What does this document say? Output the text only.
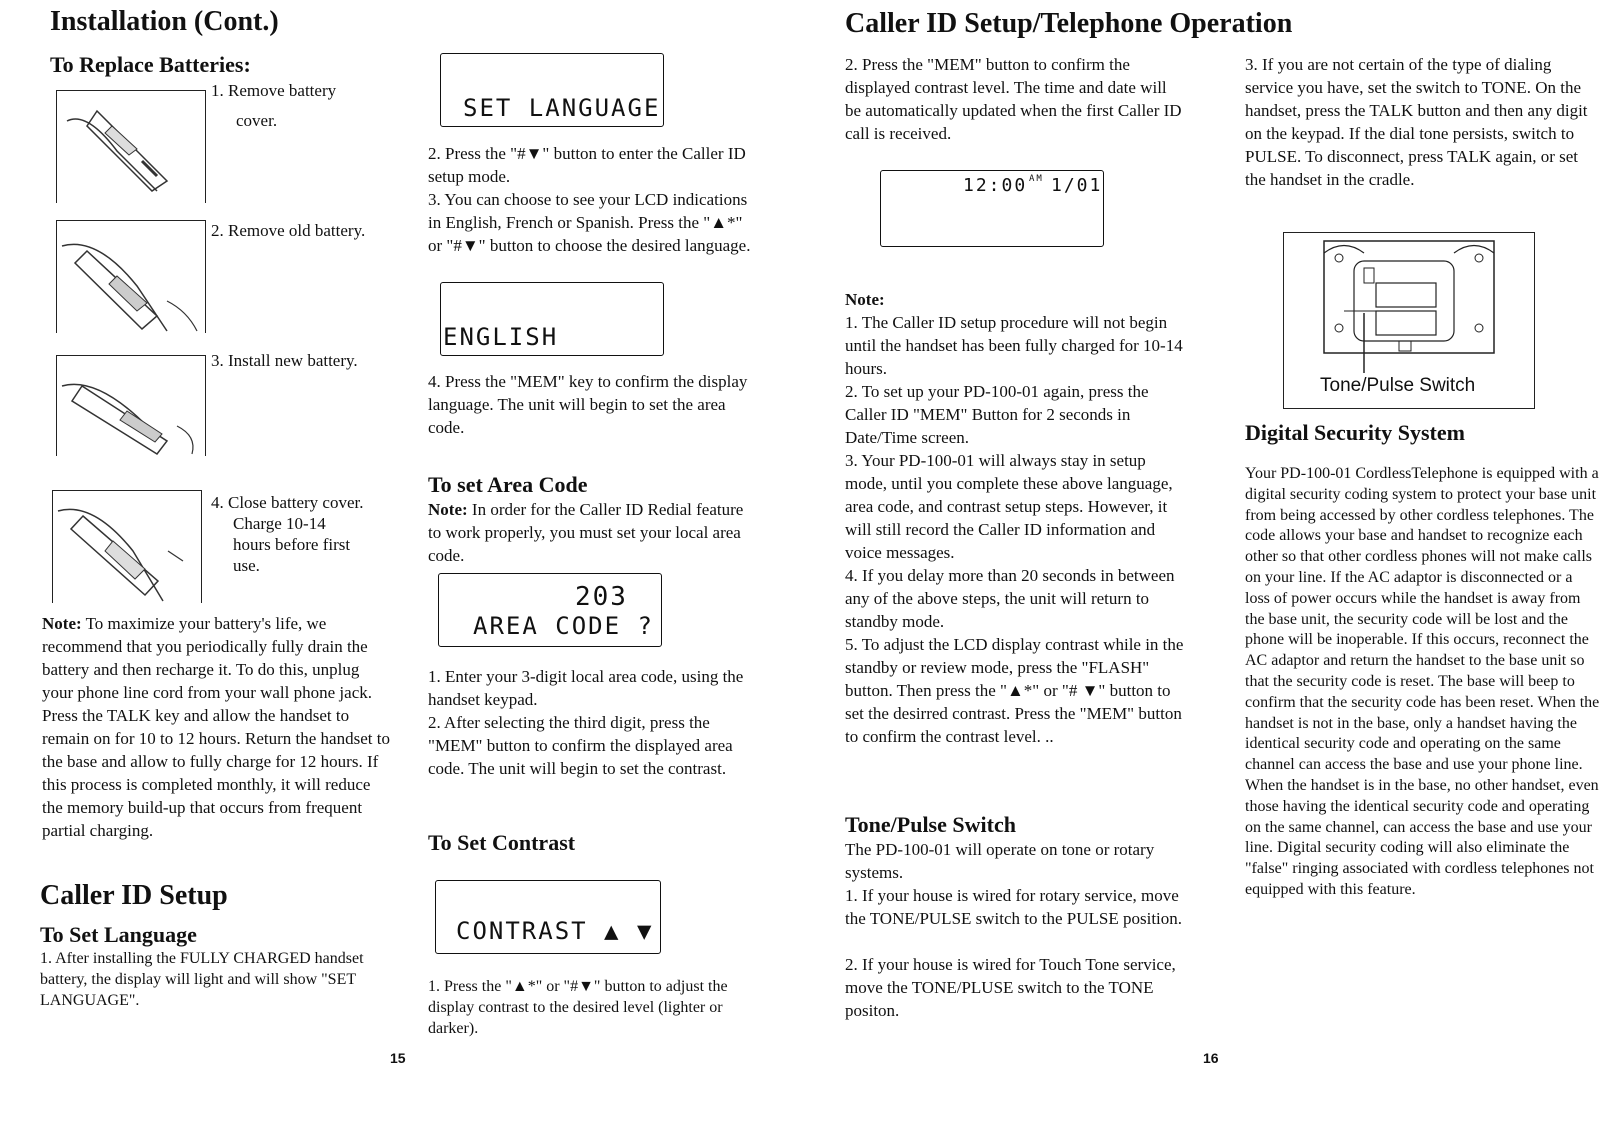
Installation (Cont.)
To Replace Batteries:
1. Remove battery
cover.
2. Remove old battery.
3. Install new battery.
4. Close battery cover.
Charge 10-14
hours before first
use.
Note: To maximize your battery's life, we recommend that you periodically fully drain the battery and then recharge it. To do this, unplug your phone line cord from your wall phone jack. Press the TALK key and allow the handset to remain on for 10 to 12 hours. Return the handset to the base and allow to fully charge for 12 hours. If this process is completed monthly, it will reduce the memory build-up that occurs from frequent partial charging.
Caller ID Setup
To Set Language
1. After installing the FULLY CHARGED handset battery, the display will light and will show "SET LANGUAGE".
15
SET LANGUAGE
2. Press the "#▼" button to enter the Caller ID setup mode.
3. You can choose to see your LCD indications in English, French or Spanish. Press the "▲*" or "#▼" button to choose the desired language.
ENGLISH
4. Press the "MEM" key to confirm the display language. The unit will begin to set the area code.
To set Area Code
Note: In order for the Caller ID Redial feature to work properly, you must set your local area code.
203
AREA CODE ?
1. Enter your 3-digit local area code, using the handset keypad.
2. After selecting the third digit, press the "MEM" button to confirm the displayed area code. The unit will begin to set the contrast.
To Set Contrast
CONTRAST ▲ ▼
1. Press the "▲*" or "#▼" button to adjust the display contrast to the desired level (lighter or darker).
Caller ID Setup/Telephone Operation
2. Press the "MEM" button to confirm the displayed contrast level. The time and date will be automatically updated when the first Caller ID call is received.
12:00 AM 1/01
Note:
1. The Caller ID setup procedure will not begin until the handset has been fully charged for 10-14 hours.
2. To set up your PD-100-01 again, press the Caller ID "MEM" Button for 2 seconds in Date/Time screen.
3. Your PD-100-01 will always stay in setup mode, until you complete these above language, area code, and contrast setup steps. However, it will still record the Caller ID information and voice messages.
4. If you delay more than 20 seconds in between any of the above steps, the unit will return to standby mode.
5. To adjust the LCD display contrast while in the standby or review mode, press the "FLASH" button. Then press the "▲*" or "# ▼" button to set the desirred contrast. Press the "MEM" button to confirm the contrast level. ..
Tone/Pulse Switch
The PD-100-01 will operate on tone or rotary systems.
1. If your house is wired for rotary service, move the TONE/PULSE switch to the PULSE position.
2. If your house is wired for Touch Tone service, move the TONE/PLUSE switch to the TONE positon.
16
3. If you are not certain of the type of dialing service you have, set the switch to TONE. On the handset, press the TALK button and then any digit on the keypad. If the dial tone persists, switch to PULSE. To disconnect, press TALK again, or set the handset in the cradle.
Tone/Pulse Switch
Digital Security System
Your PD-100-01 CordlessTelephone is equipped with a digital security coding system to protect your base unit from being accessed by other cordless telephones. The code allows your base and handset to recognize each other so that other cordless phones will not make calls on your line. If the AC adaptor is disconnected or a loss of power occurs while the handset is away from the base unit, the security code will be lost and the phone will be inoperable. If this occurs, reconnect the AC adaptor and return the handset to the base unit so that the security code is reset. The base will beep to confirm that the security code has been reset. When the handset is not in the base, only a handset having the identical security code and operating on the same channel can access the base and use your phone line. When the handset is in the base, no other handset, even those having the identical security code and operating on the same channel, can access the base and use your line. Digital security coding will also eliminate the "false" ringing associated with cordless telephones not equipped with this feature.
